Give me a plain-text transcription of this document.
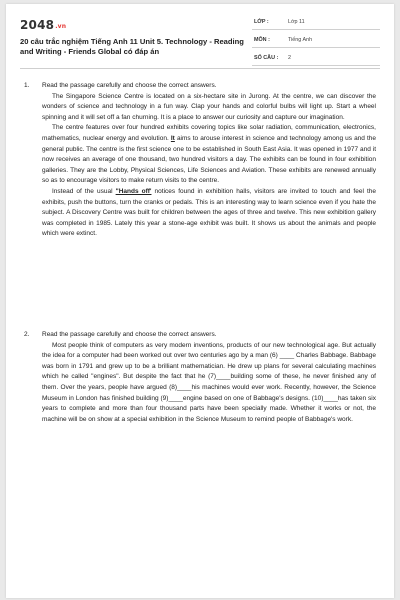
2048.vn
20 câu trắc nghiệm Tiếng Anh 11 Unit 5. Technology - Reading and Writing - Friends Global có đáp án
LỚP :	Lớp 11
MÔN :	Tiếng Anh
SỐ CÂU : 2
1. Read the passage carefully and choose the correct answers.

The Singapore Science Centre is located on a six-hectare site in Jurong. At the centre, we can discover the wonders of science and technology in a fun way. Clap your hands and colorful bulbs will light up. Start a wheel spinning and it will set off a fan churning. It is a place to answer our curiosity and capture our imagination.

The centre features over four hundred exhibits covering topics like solar radiation, communication, electronics, mathematics, nuclear energy and evolution. It aims to arouse interest in science and technology among us and the general public. The centre is the first science one to be established in South East Asia. It was opened in 1977 and it now receives an average of one thousand, two hundred visitors a day. The exhibits can be found in four exhibition galleries. They are the Lobby, Physical Sciences, Life Sciences and Aviation. These exhibits are renewed annually so as to encourage visitors to make return visits to the centre.

Instead of the usual "Hands off' notices found in exhibition halls, visitors are invited to touch and feel the exhibits, push the buttons, turn the cranks or pedals. This is an interesting way to learn science even if you hate the subject. A Discovery Centre was built for children between the ages of three and twelve. This new exhibition gallery was completed in 1985. Lately this year a stone-age exhibit was built. It shows us about the animals and people which were extinct.

2. Read the passage carefully and choose the correct answers.

Most people think of computers as very modern inventions, products of our new technological age. But actually the idea for a computer had been worked out over two centuries ago by a man (6) ____ Charles Babbage. Babbage was born in 1791 and grew up to be a brilliant mathematician. He drew up plans for several calculating machines which he called "engines". But despite the fact that he (7)____building some of these, he never finished any of them. Over the years, people have argued (8)____his machines would ever work. Recently, however, the Science Museum in London has finished building (9)____engine based on one of Babbage's designs. (10)____has taken six years to complete and more than four thousand parts have been specially made. Whether it works or not, the machine will be on show at a special exhibition in the Science Museum to remind people of Babbage's work.
